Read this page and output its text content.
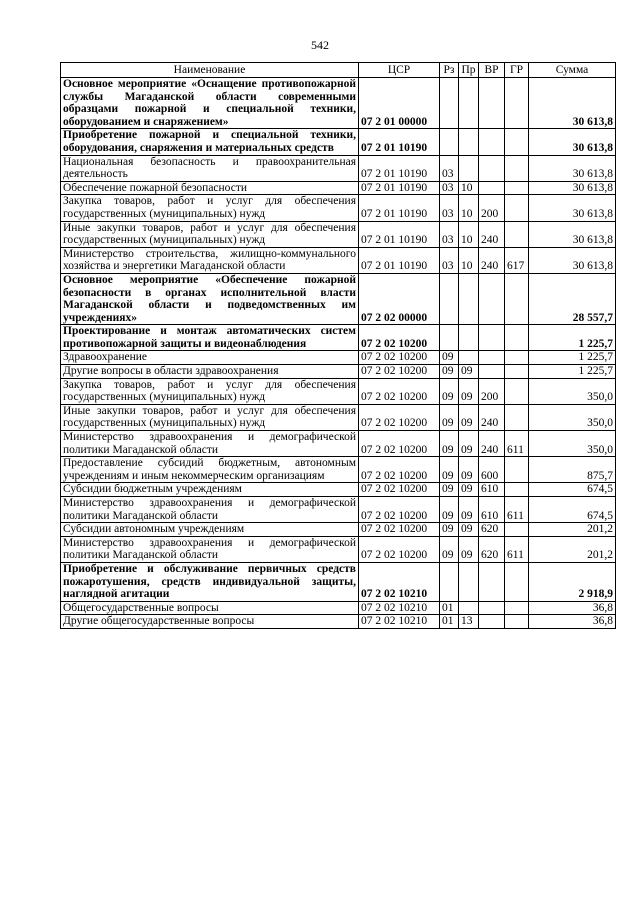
542
Наименование	ЦСР	Рз	Пр	ВР	ГР	Сумма
Основное мероприятие «Оснащение противопожарной службы Магаданской области современными образцами пожарной и специальной техники, оборудованием и снаряжением»	07 2 01 00000					30 613,8
Приобретение пожарной и специальной техники, оборудования, снаряжения и материальных средств	07 2 01 10190					30 613,8
Национальная безопасность и правоохранительная деятельность	07 2 01 10190	03				30 613,8
Обеспечение пожарной безопасности	07 2 01 10190	03	10			30 613,8
Закупка товаров, работ и услуг для обеспечения государственных (муниципальных) нужд	07 2 01 10190	03	10	200		30 613,8
Иные закупки товаров, работ и услуг для обеспечения государственных (муниципальных) нужд	07 2 01 10190	03	10	240		30 613,8
Министерство строительства, жилищно-коммунального хозяйства и энергетики Магаданской области	07 2 01 10190	03	10	240	617	30 613,8
Основное мероприятие «Обеспечение пожарной безопасности в органах исполнительной власти Магаданской области и подведомственных им учреждениях»	07 2 02 00000					28 557,7
Проектирование и монтаж автоматических систем противопожарной защиты и видеонаблюдения	07 2 02 10200					1 225,7
Здравоохранение	07 2 02 10200	09				1 225,7
Другие вопросы в области здравоохранения	07 2 02 10200	09	09			1 225,7
Закупка товаров, работ и услуг для обеспечения государственных (муниципальных) нужд	07 2 02 10200	09	09	200		350,0
Иные закупки товаров, работ и услуг для обеспечения государственных (муниципальных) нужд	07 2 02 10200	09	09	240		350,0
Министерство здравоохранения и демографической политики Магаданской области	07 2 02 10200	09	09	240	611	350,0
Предоставление субсидий бюджетным, автономным учреждениям и иным некоммерческим организациям	07 2 02 10200	09	09	600		875,7
Субсидии бюджетным учреждениям	07 2 02 10200	09	09	610		674,5
Министерство здравоохранения и демографической политики Магаданской области	07 2 02 10200	09	09	610	611	674,5
Субсидии автономным учреждениям	07 2 02 10200	09	09	620		201,2
Министерство здравоохранения и демографической политики Магаданской области	07 2 02 10200	09	09	620	611	201,2
Приобретение и обслуживание первичных средств пожаротушения, средств индивидуальной защиты, наглядной агитации	07 2 02 10210					2 918,9
Общегосударственные вопросы	07 2 02 10210	01				36,8
Другие общегосударственные вопросы	07 2 02 10210	01	13			36,8
